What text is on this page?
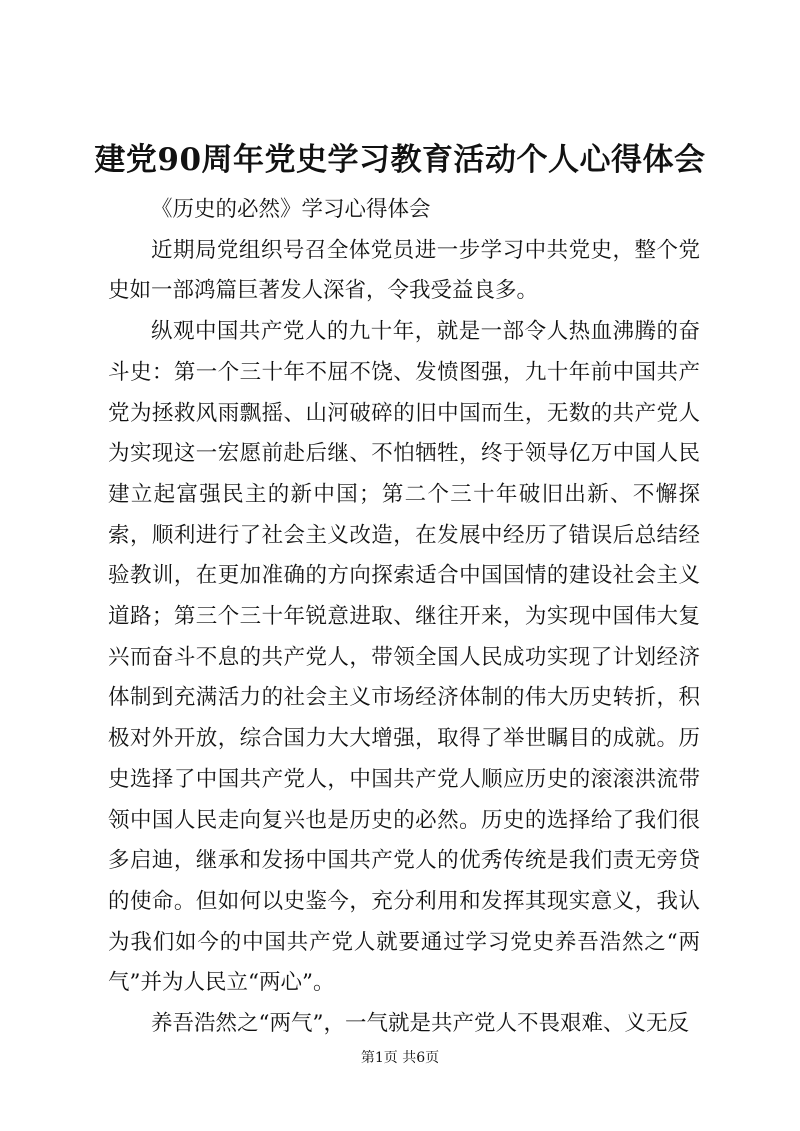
建党90周年党史学习教育活动个人心得体会

《历史的必然》学习心得体会

近期局党组织号召全体党员进一步学习中共党史，整个党史如一部鸿篇巨著发人深省，令我受益良多。

纵观中国共产党人的九十年，就是一部令人热血沸腾的奋斗史：第一个三十年不屈不饶、发愤图强，九十年前中国共产党为拯救风雨飘摇、山河破碎的旧中国而生，无数的共产党人为实现这一宏愿前赴后继、不怕牺牲，终于领导亿万中国人民建立起富强民主的新中国；第二个三十年破旧出新、不懈探索，顺利进行了社会主义改造，在发展中经历了错误后总结经验教训，在更加准确的方向探索适合中国国情的建设社会主义道路；第三个三十年锐意进取、继往开来，为实现中国伟大复兴而奋斗不息的共产党人，带领全国人民成功实现了计划经济体制到充满活力的社会主义市场经济体制的伟大历史转折，积极对外开放，综合国力大大增强，取得了举世瞩目的成就。历史选择了中国共产党人，中国共产党人顺应历史的滚滚洪流带领中国人民走向复兴也是历史的必然。历史的选择给了我们很多启迪，继承和发扬中国共产党人的优秀传统是我们责无旁贷的使命。但如何以史鉴今，充分利用和发挥其现实意义，我认为我们如今的中国共产党人就要通过学习党史养吾浩然之“两气”并为人民立“两心”。

养吾浩然之“两气”，一气就是共产党人不畏艰难、义无反

第1页 共6页
